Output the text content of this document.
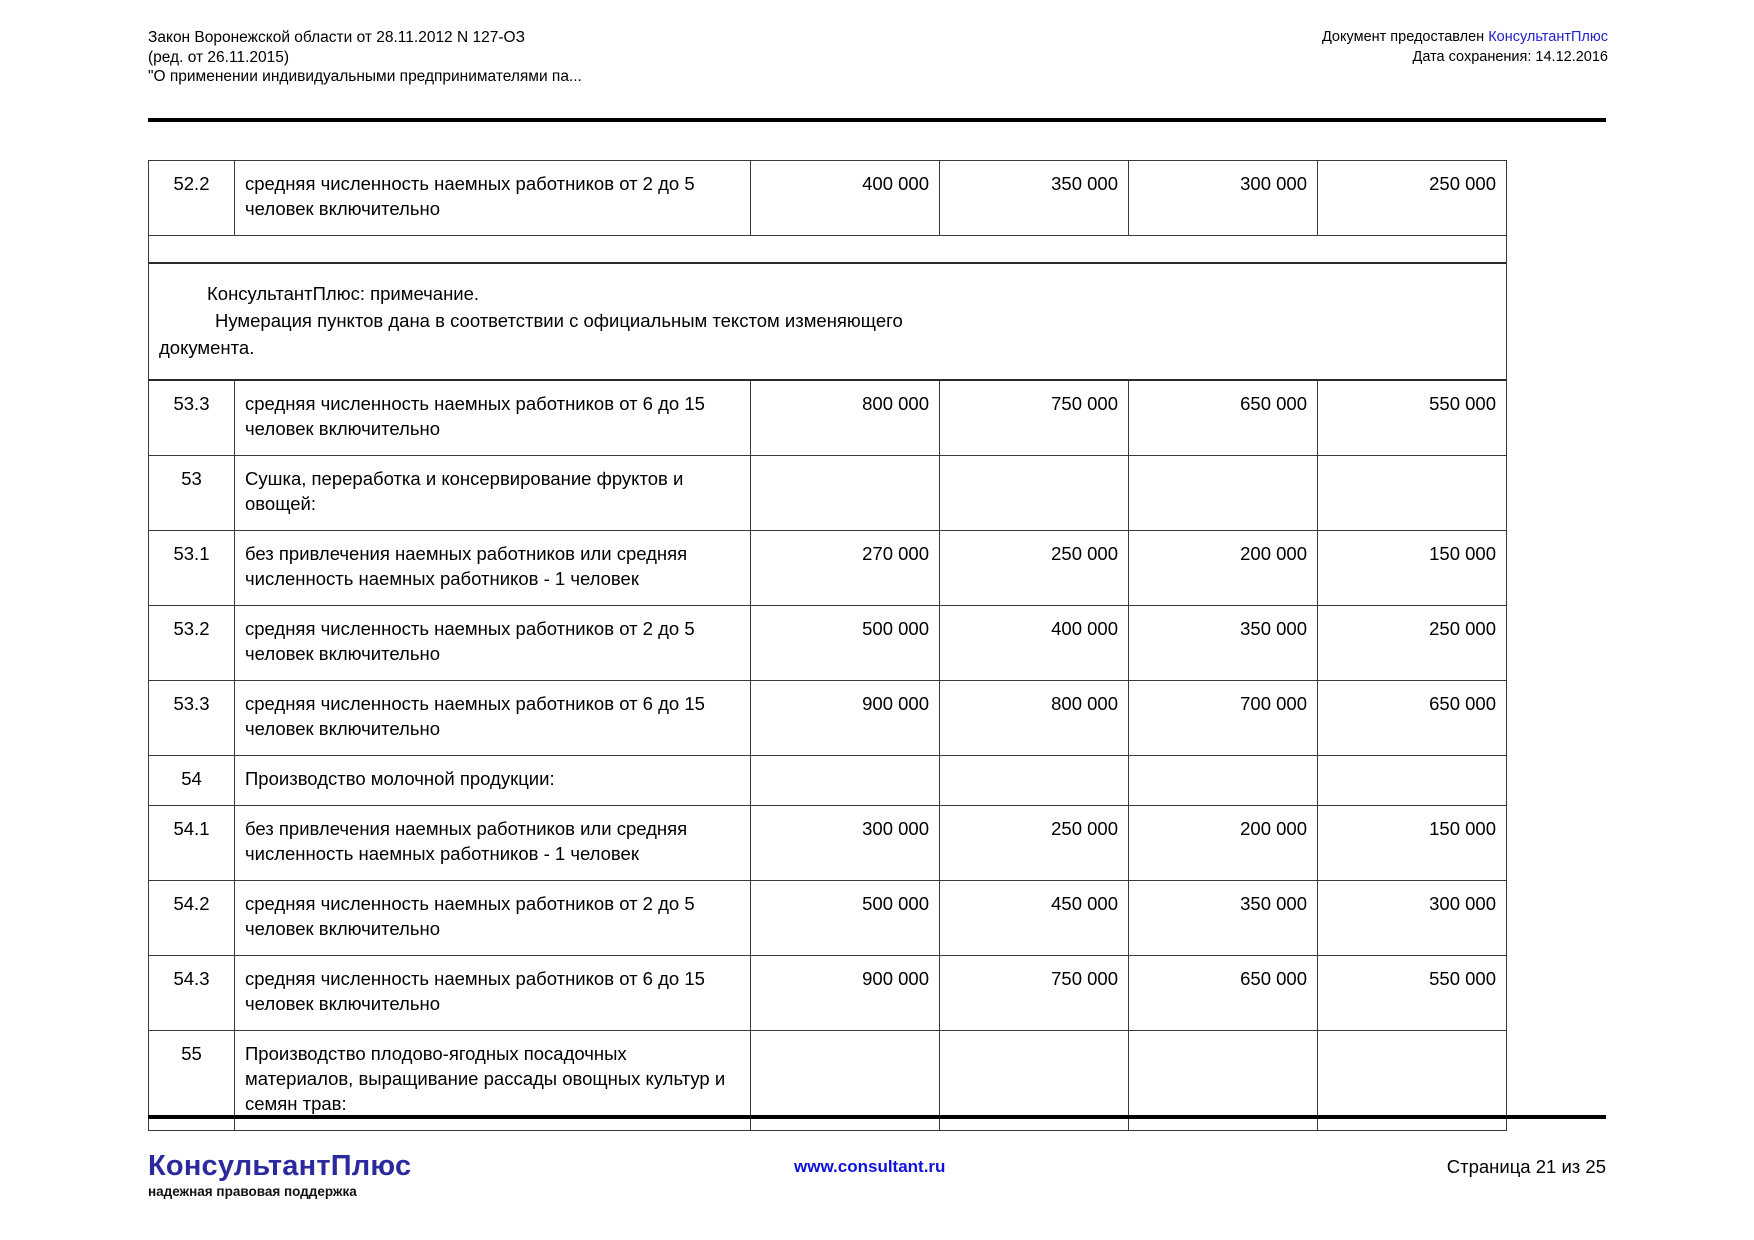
Закон Воронежской области от 28.11.2012 N 127-ОЗ
(ред. от 26.11.2015)
"О применении индивидуальными предпринимателями па...
Документ предоставлен КонсультантПлюс
Дата сохранения: 14.12.2016
52.2	средняя численность наемных работников от 2 до 5 человек включительно	400 000	350 000	300 000	250 000

КонсультантПлюс: примечание.
Нумерация пунктов дана в соответствии с официальным текстом изменяющего
документа.					

53.3	средняя численность наемных работников от 6 до 15 человек включительно	800 000	750 000	650 000	550 000
53	Сушка, переработка и консервирование фруктов и овощей:				
53.1	без привлечения наемных работников или средняя численность наемных работников - 1 человек	270 000	250 000	200 000	150 000
53.2	средняя численность наемных работников от 2 до 5 человек включительно	500 000	400 000	350 000	250 000
53.3	средняя численность наемных работников от 6 до 15 человек включительно	900 000	800 000	700 000	650 000
54	Производство молочной продукции:				
54.1	без привлечения наемных работников или средняя численность наемных работников - 1 человек	300 000	250 000	200 000	150 000
54.2	средняя численность наемных работников от 2 до 5 человек включительно	500 000	450 000	350 000	300 000
54.3	средняя численность наемных работников от 6 до 15 человек включительно	900 000	750 000	650 000	550 000
55	Производство плодово-ягодных посадочных материалов, выращивание рассады овощных культур и семян трав:				
КонсультантПлюс
надежная правовая поддержка
www.consultant.ru	Страница 21 из 25
